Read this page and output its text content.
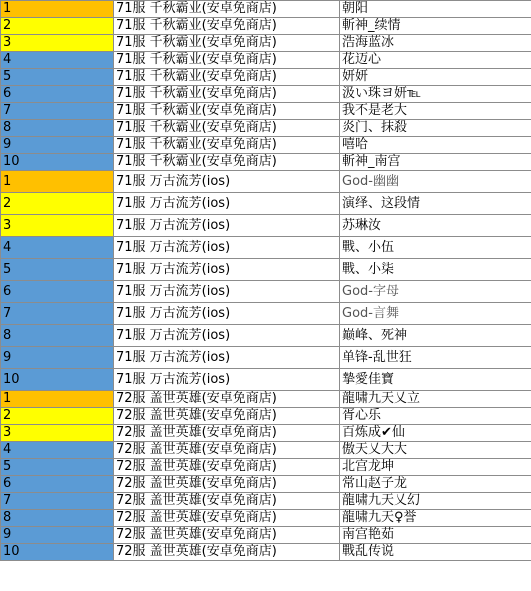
1	71服 千秋霸业(安卓免商店)	朝阳
2	71服 千秋霸业(安卓免商店)	斬神_续情
3	71服 千秋霸业(安卓免商店)	浩海蓝冰
4	71服 千秋霸业(安卓免商店)	花迈心
5	71服 千秋霸业(安卓免商店)	妍妍
6	71服 千秋霸业(安卓免商店)	汲い珠ヨ妍℡
7	71服 千秋霸业(安卓免商店)	我不是老大
8	71服 千秋霸业(安卓免商店)	炎门、抹殺
9	71服 千秋霸业(安卓免商店)	嘻哈
10	71服 千秋霸业(安卓免商店)	斬神_南宫
1	71服 万古流芳(ios)	God-幽幽
2	71服 万古流芳(ios)	演绎、这段情
3	71服 万古流芳(ios)	苏琳汝
4	71服 万古流芳(ios)	戰、小伍
5	71服 万古流芳(ios)	戰、小柒
6	71服 万古流芳(ios)	God-字母
7	71服 万古流芳(ios)	God-言舞
8	71服 万古流芳(ios)	巅峰、死神
9	71服 万古流芳(ios)	单锋-乱世狂
10	71服 万古流芳(ios)	摯愛佳寶
1	72服 盖世英雄(安卓免商店)	龍啸九天乂立
2	72服 盖世英雄(安卓免商店)	胥心乐
3	72服 盖世英雄(安卓免商店)	百炼成✔仙
4	72服 盖世英雄(安卓免商店)	傲天乂大大
5	72服 盖世英雄(安卓免商店)	北宫龙坤
6	72服 盖世英雄(安卓免商店)	常山赵子龙
7	72服 盖世英雄(安卓免商店)	龍啸九天乂幻
8	72服 盖世英雄(安卓免商店)	龍啸九天♀誉
9	72服 盖世英雄(安卓免商店)	南宫艳茹
10	72服 盖世英雄(安卓免商店)	戰乱传说
